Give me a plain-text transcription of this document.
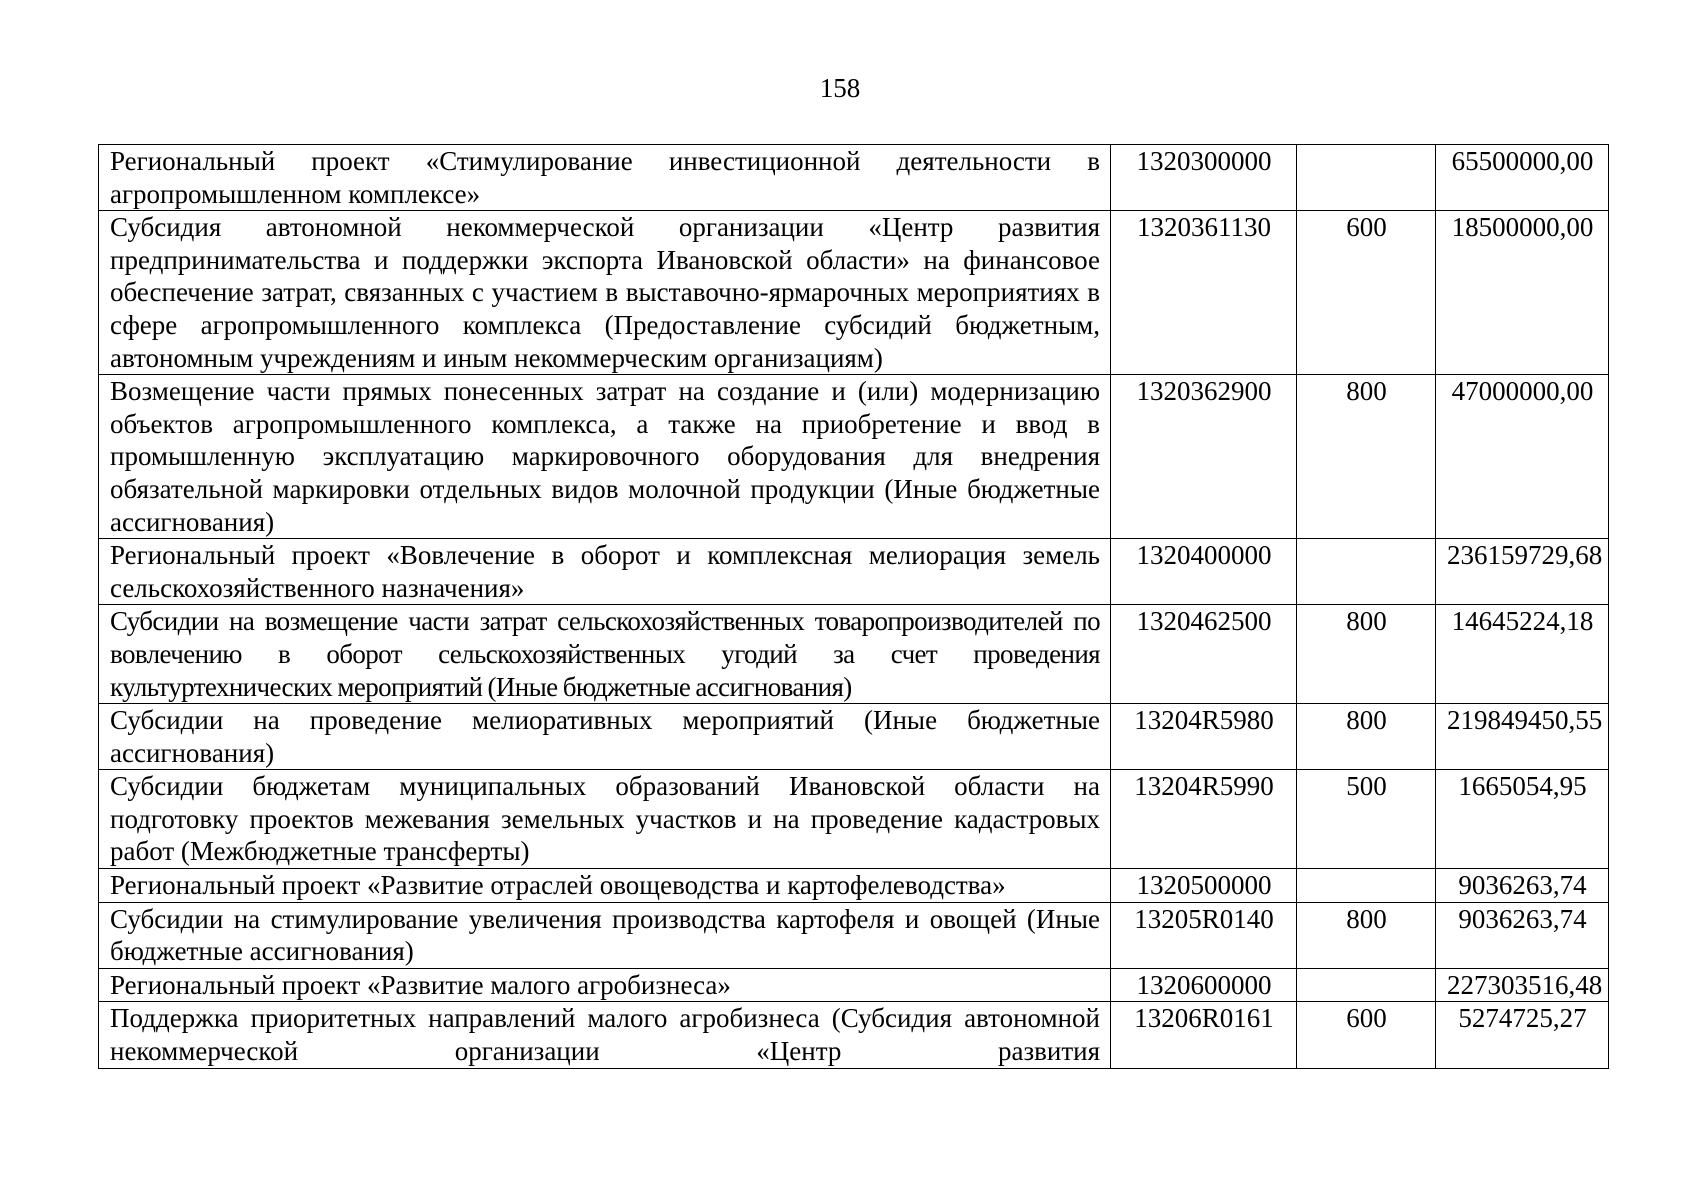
158
Региональный проект «Стимулирование инвестиционной деятельности в агропромышленном комплексе»	1320300000		65500000,00
Субсидия автономной некоммерческой организации «Центр развития предпринимательства и поддержки экспорта Ивановской области» на финансовое обеспечение затрат, связанных с участием в выставочно-ярмарочных мероприятиях в сфере агропромышленного комплекса (Предоставление субсидий бюджетным, автономным учреждениям и иным некоммерческим организациям)	1320361130	600	18500000,00
Возмещение части прямых понесенных затрат на создание и (или) модернизацию объектов агропромышленного комплекса, а также на приобретение и ввод в промышленную эксплуатацию маркировочного оборудования для внедрения обязательной маркировки отдельных видов молочной продукции (Иные бюджетные ассигнования)	1320362900	800	47000000,00
Региональный проект «Вовлечение в оборот и комплексная мелиорация земель сельскохозяйственного назначения»	1320400000		236159729,68
Субсидии на возмещение части затрат сельскохозяйственных товаропроизводителей по вовлечению в оборот сельскохозяйственных угодий за счет проведения культуртехнических мероприятий (Иные бюджетные ассигнования)	1320462500	800	14645224,18
Субсидии на проведение мелиоративных мероприятий (Иные бюджетные ассигнования)	13204R5980	800	219849450,55
Субсидии бюджетам муниципальных образований Ивановской области на подготовку проектов межевания земельных участков и на проведение кадастровых работ (Межбюджетные трансферты)	13204R5990	500	1665054,95
Региональный проект «Развитие отраслей овощеводства и картофелеводства»	1320500000		9036263,74
Субсидии на стимулирование увеличения производства картофеля и овощей (Иные бюджетные ассигнования)	13205R0140	800	9036263,74
Региональный проект «Развитие малого агробизнеса»	1320600000		227303516,48
Поддержка приоритетных направлений малого агробизнеса (Субсидия автономной некоммерческой организации «Центр развития	13206R0161	600	5274725,27
